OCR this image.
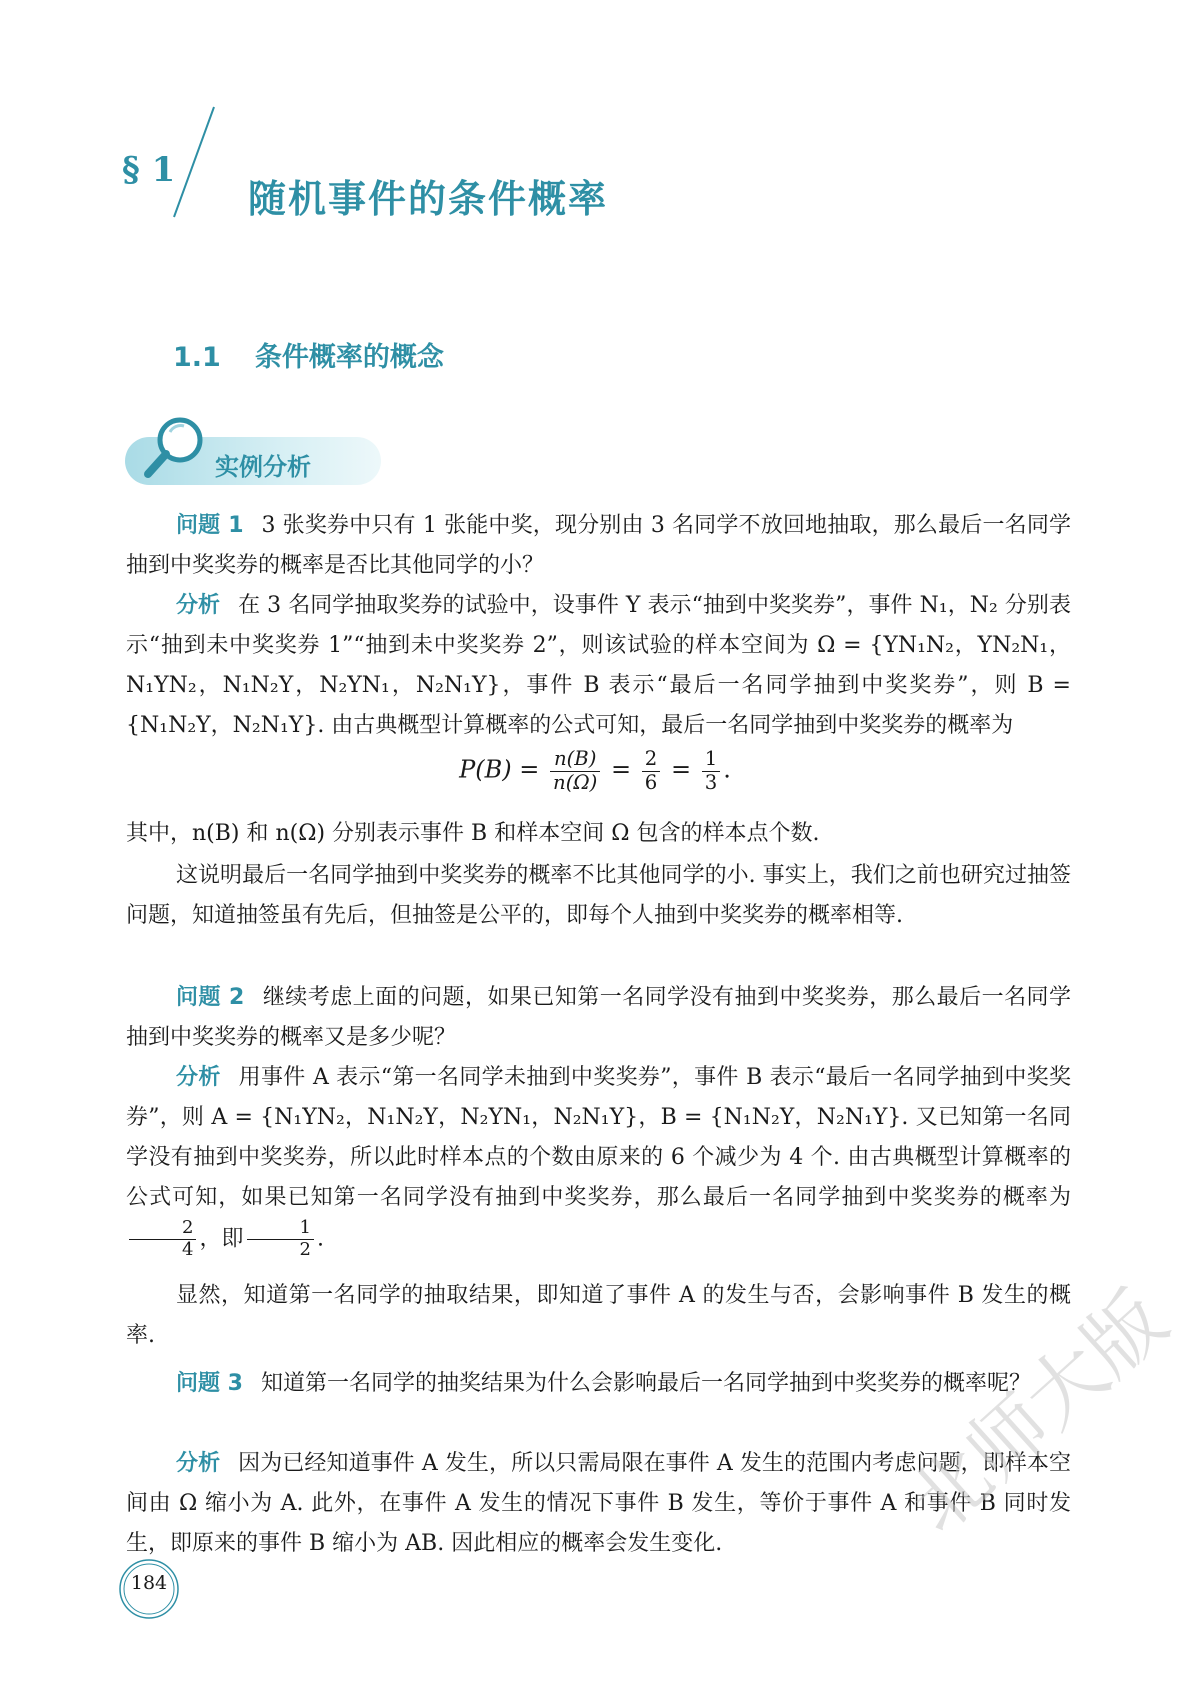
§ 1
随机事件的条件概率
1.1 条件概率的概念
实例分析
问题 1 3 张奖券中只有 1 张能中奖，现分别由 3 名同学不放回地抽取，那么最后一名同学抽到中奖奖券的概率是否比其他同学的小？
分析 在 3 名同学抽取奖券的试验中，设事件 Y 表示“抽到中奖奖券”，事件 N₁，N₂ 分别表示“抽到未中奖奖券 1”“抽到未中奖奖券 2”，则该试验的样本空间为 Ω = {YN₁N₂，YN₂N₁，N₁YN₂，N₁N₂Y，N₂YN₁，N₂N₁Y}，事件 B 表示“最后一名同学抽到中奖奖券”，则 B = {N₁N₂Y，N₂N₁Y}. 由古典概型计算概率的公式可知，最后一名同学抽到中奖奖券的概率为
$P(B) = \frac{n(B)}{n(\Omega)} = \frac{2}{6} = \frac{1}{3}$ .
其中，n(B) 和 n(Ω) 分别表示事件 B 和样本空间 Ω 包含的样本点个数.
这说明最后一名同学抽到中奖奖券的概率不比其他同学的小. 事实上，我们之前也研究过抽签问题，知道抽签虽有先后，但抽签是公平的，即每个人抽到中奖奖券的概率相等.
问题 2 继续考虑上面的问题，如果已知第一名同学没有抽到中奖奖券，那么最后一名同学抽到中奖奖券的概率又是多少呢？
分析 用事件 A 表示“第一名同学未抽到中奖奖券”，事件 B 表示“最后一名同学抽到中奖奖券”，则 A = {N₁YN₂，N₁N₂Y，N₂YN₁，N₂N₁Y}，B = {N₁N₂Y，N₂N₁Y}. 又已知第一名同学没有抽到中奖奖券，所以此时样本点的个数由原来的 6 个减少为 4 个. 由古典概型计算概率的公式可知，如果已知第一名同学没有抽到中奖奖券，那么最后一名同学抽到中奖奖券的概率为
$\frac{2}{4}$ ，即 $\frac{1}{2}$ .
显然，知道第一名同学的抽取结果，即知道了事件 A 的发生与否，会影响事件 B 发生的概率.
问题 3 知道第一名同学的抽奖结果为什么会影响最后一名同学抽到中奖奖券的概率呢？
分析 因为已经知道事件 A 发生，所以只需局限在事件 A 发生的范围内考虑问题，即样本空间由 Ω 缩小为 A. 此外，在事件 A 发生的情况下事件 B 发生，等价于事件 A 和事件 B 同时发生，即原来的事件 B 缩小为 AB. 因此相应的概率会发生变化.
184
北师大版
